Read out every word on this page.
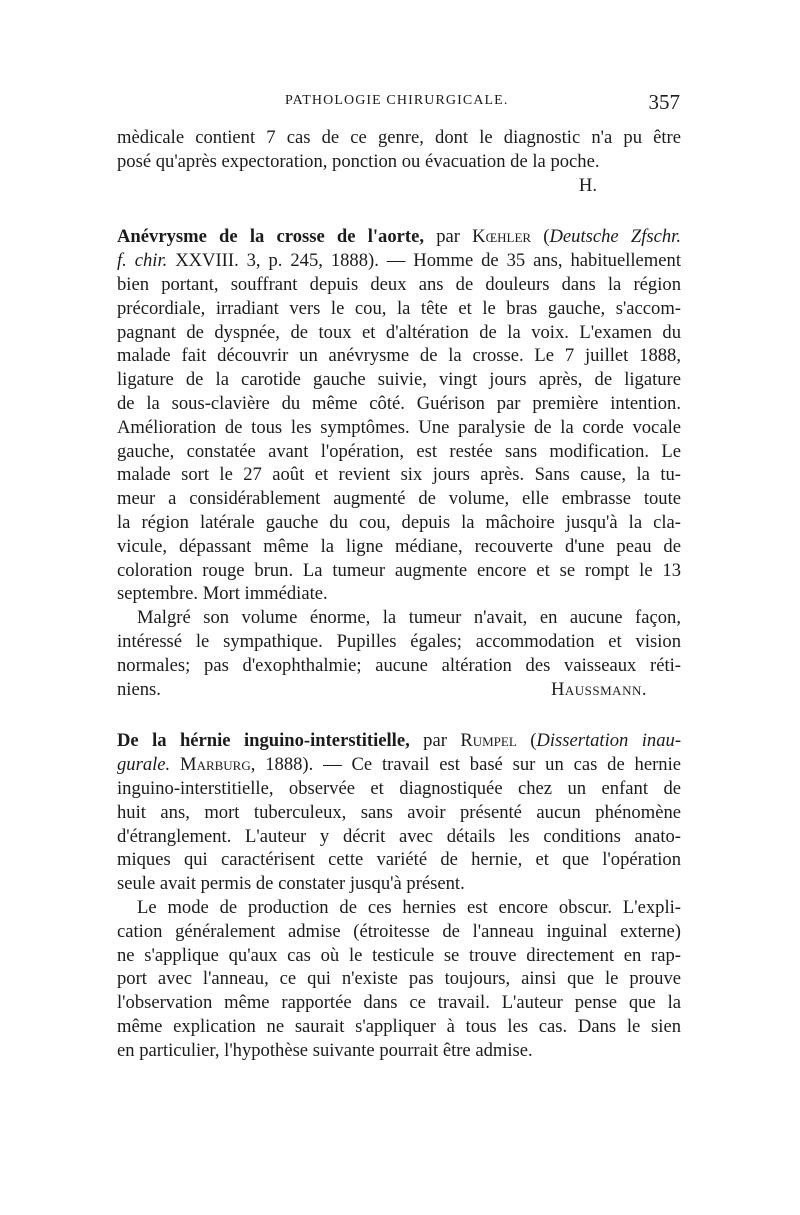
PATHOLOGIE CHIRURGICALE.	357
mèdicale contient 7 cas de ce genre, dont le diagnostic n'a pu être
posé qu'après expectoration, ponction ou évacuation de la poche.
H.
Anévrysme de la crosse de l'aorte, par Kœhler (Deutsche Zfschr.
f. chir. XXVIII. 3, p. 245, 1888). — Homme de 35 ans, habituellement
bien portant, souffrant depuis deux ans de douleurs dans la région
précordiale, irradiant vers le cou, la tête et le bras gauche, s'accom-
pagnant de dyspnée, de toux et d'altération de la voix. L'examen du
malade fait découvrir un anévrysme de la crosse. Le 7 juillet 1888,
ligature de la carotide gauche suivie, vingt jours après, de ligature
de la sous-clavière du même côté. Guérison par première intention.
Amélioration de tous les symptômes. Une paralysie de la corde vocale
gauche, constatée avant l'opération, est restée sans modification. Le
malade sort le 27 août et revient six jours après. Sans cause, la tu-
meur a considérablement augmenté de volume, elle embrasse toute
la région latérale gauche du cou, depuis la mâchoire jusqu'à la cla-
vicule, dépassant même la ligne médiane, recouverte d'une peau de
coloration rouge brun. La tumeur augmente encore et se rompt le 13
septembre. Mort immédiate.
Malgré son volume énorme, la tumeur n'avait, en aucune façon,
intéressé le sympathique. Pupilles égales; accommodation et vision
normales; pas d'exophthalmie; aucune altération des vaisseaux réti-
niens.	Haussmann.
De la hérnie inguino-interstitielle, par Rumpel (Dissertation inau-
gurale. Marburg, 1888). — Ce travail est basé sur un cas de hernie
inguino-interstitielle, observée et diagnostiquée chez un enfant de
huit ans, mort tuberculeux, sans avoir présenté aucun phénomène
d'étranglement. L'auteur y décrit avec détails les conditions anato-
miques qui caractérisent cette variété de hernie, et que l'opération
seule avait permis de constater jusqu'à présent.
Le mode de production de ces hernies est encore obscur. L'expli-
cation généralement admise (étroitesse de l'anneau inguinal externe)
ne s'applique qu'aux cas où le testicule se trouve directement en rap-
port avec l'anneau, ce qui n'existe pas toujours, ainsi que le prouve
l'observation même rapportée dans ce travail. L'auteur pense que la
même explication ne saurait s'appliquer à tous les cas. Dans le sien
en particulier, l'hypothèse suivante pourrait être admise.
